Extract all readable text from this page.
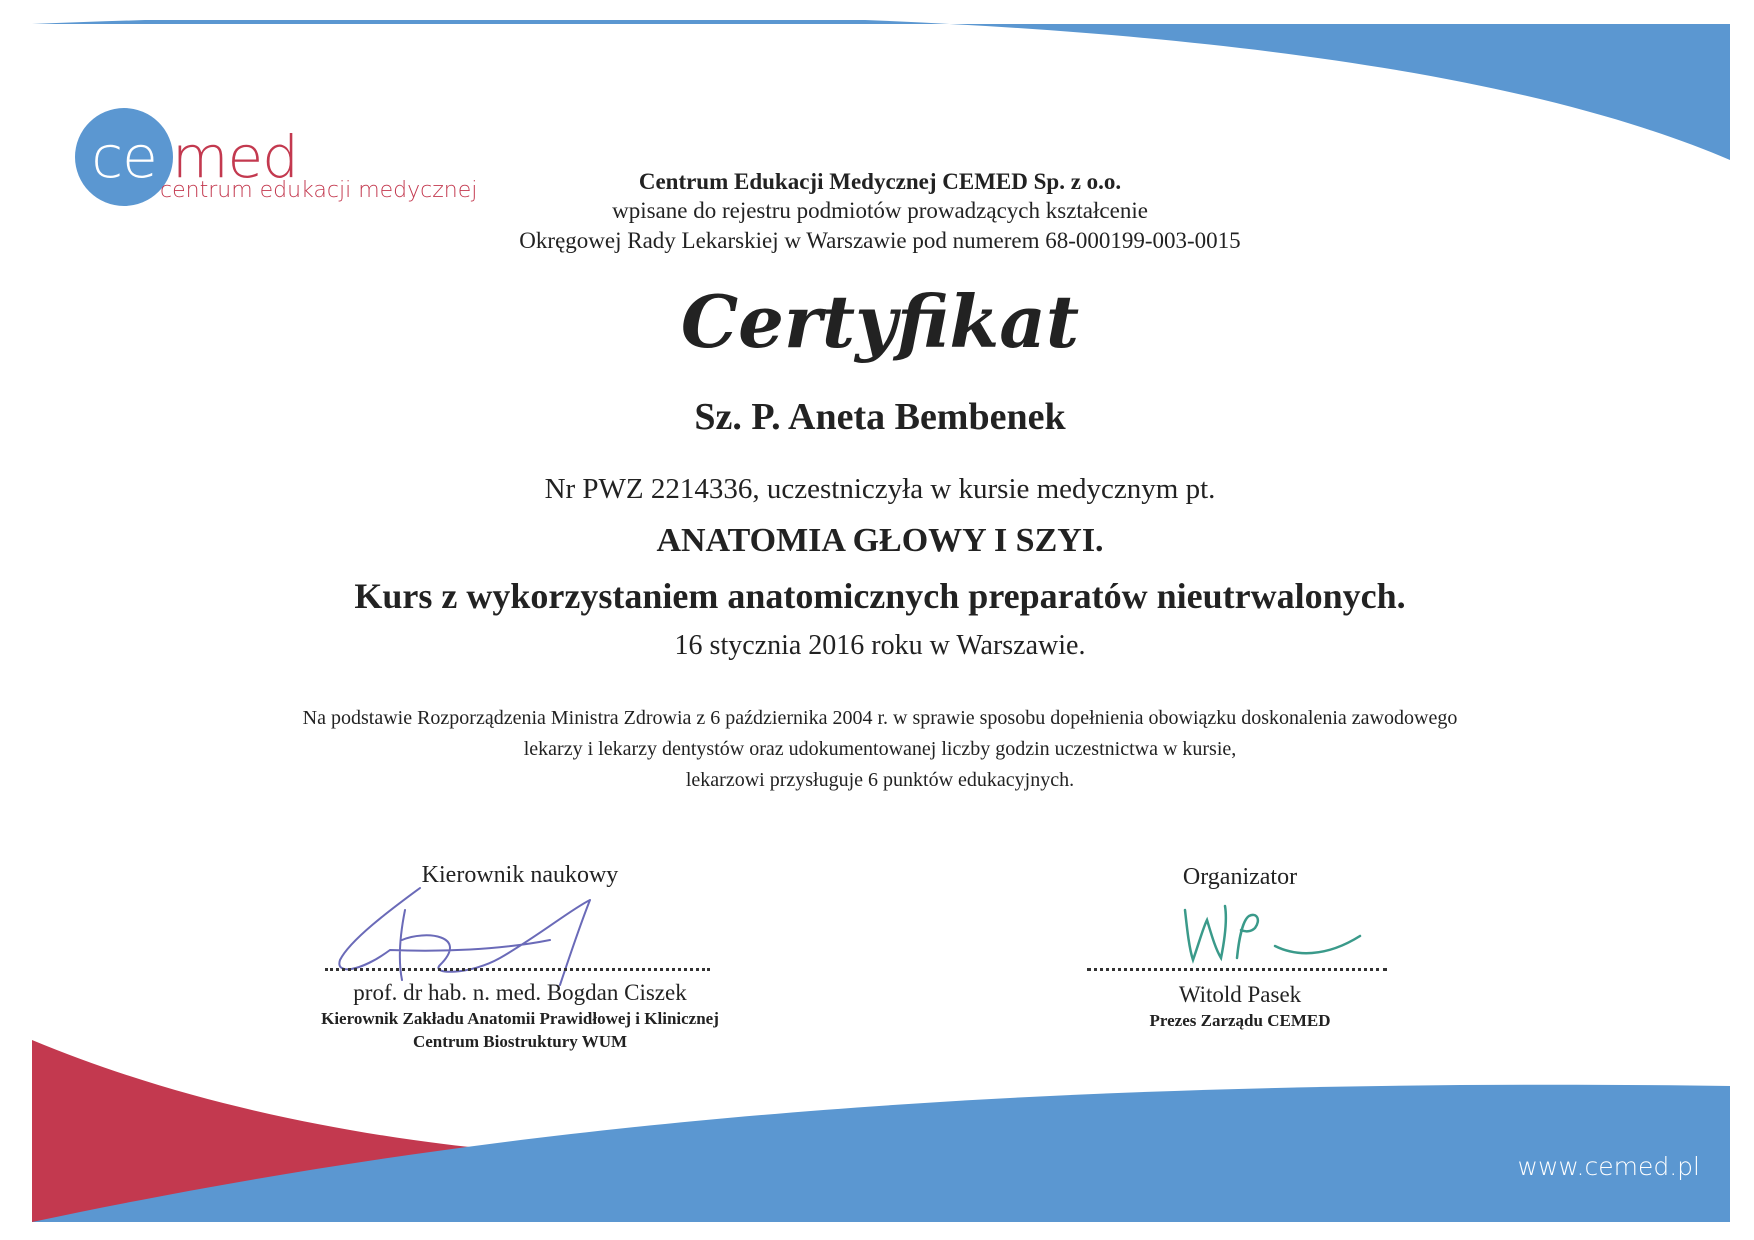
ce med
centrum edukacji medycznej	Centrum Edukacji Medycznej CEMED Sp. z o.o.

wpisane do rejestru podmiotów prowadzących kształcenie

Okręgowej Rady Lekarskiej w Warszawie pod numerem 68-000199-003-0015

Certyfikat

Sz. P. Aneta Bembenek

Nr PWZ 2214336, uczestniczyła w kursie medycznym pt.

ANATOMIA GŁOWY I SZYI.

Kurs z wykorzystaniem anatomicznych preparatów nieutrwalonych.

16 stycznia 2016 roku w Warszawie.

Na podstawie Rozporządzenia Ministra Zdrowia z 6 października 2004 r. w sprawie sposobu dopełnienia obowiązku doskonalenia zawodowego
lekarzy i lekarzy dentystów oraz udokumentowanej liczby godzin uczestnictwa w kursie,
lekarzowi przysługuje 6 punktów edukacyjnych.
Kierownik naukowy
prof. dr hab. n. med. Bogdan Ciszek
Kierownik Zakładu Anatomii Prawidłowej i Klinicznej
Centrum Biostruktury WUM
Organizator
Witold Pasek
Prezes Zarządu CEMED
www.cemed.pl
